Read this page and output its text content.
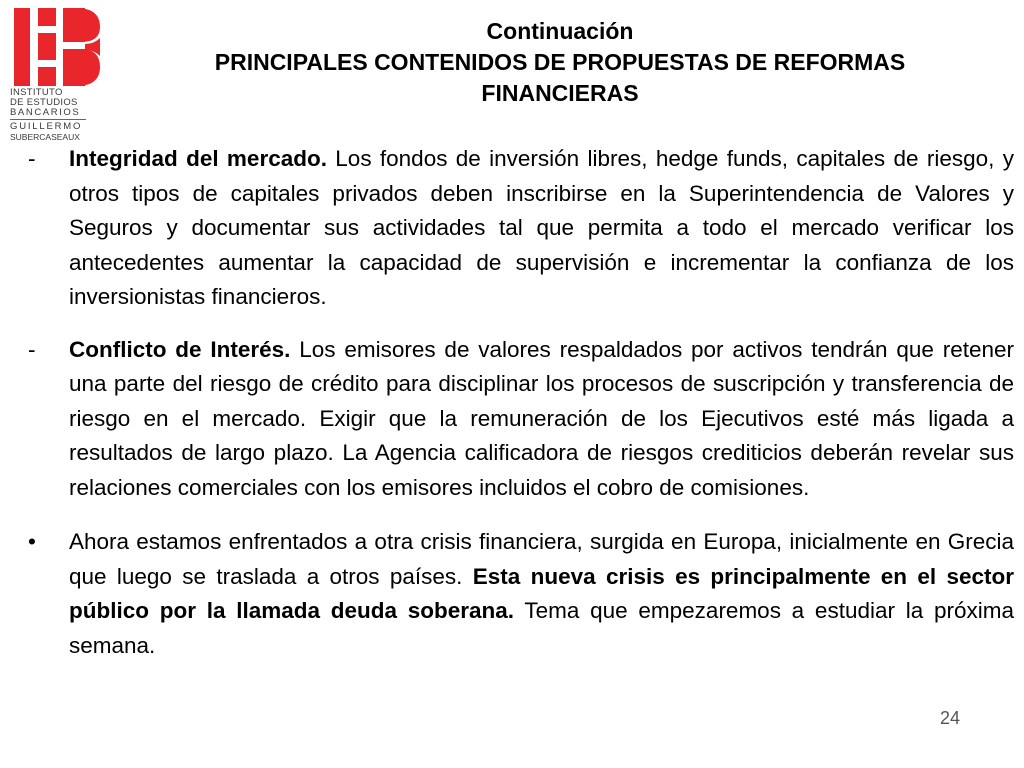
INSTITUTO
DE ESTUDIOS
BANCARIOS
GUILLERMO
SUBERCASEAUX
Continuación
PRINCIPALES CONTENIDOS DE PROPUESTAS DE REFORMAS
FINANCIERAS
-	Integridad del mercado. Los fondos de inversión libres, hedge funds, capitales de riesgo, y otros tipos de capitales privados deben inscribirse en la Superintendencia de Valores y Seguros y documentar sus actividades tal que permita a todo el mercado verificar los antecedentes aumentar la capacidad de supervisión e incrementar la confianza de los inversionistas financieros.
-	Conflicto de Interés. Los emisores de valores respaldados por activos tendrán que retener una parte del riesgo de crédito para disciplinar los procesos de suscripción y transferencia de riesgo en el mercado. Exigir que la remuneración de los Ejecutivos esté más ligada a resultados de largo plazo. La Agencia calificadora de riesgos crediticios deberán revelar sus relaciones comerciales con los emisores incluidos el cobro de comisiones.
•	Ahora estamos enfrentados a otra crisis financiera, surgida en Europa, inicialmente en Grecia que luego se traslada a otros países. Esta nueva crisis es principalmente en el sector público por la llamada deuda soberana. Tema que empezaremos a estudiar la próxima semana.
24
